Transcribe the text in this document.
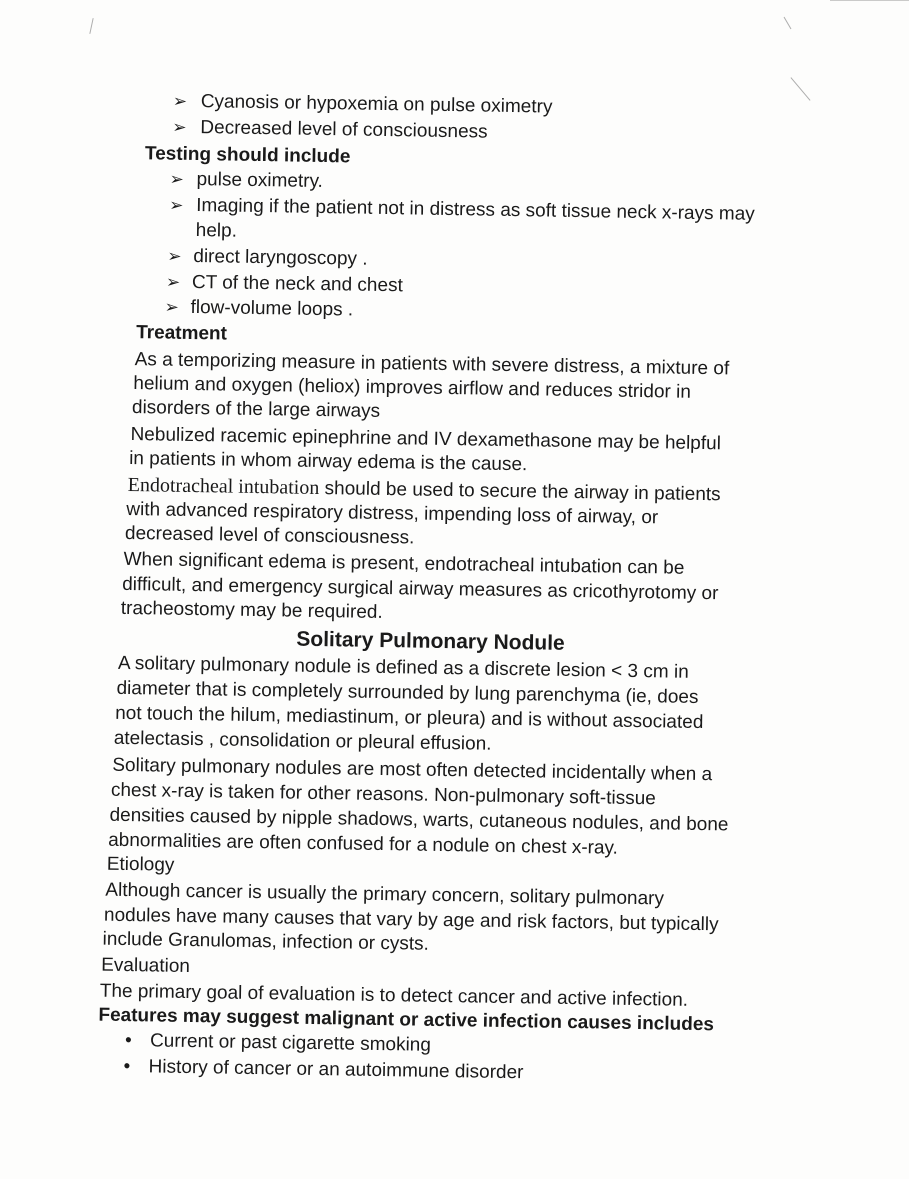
➢ Cyanosis or hypoxemia on pulse oximetry
➢ Decreased level of consciousness
Testing should include
➢ pulse oximetry.
➢ Imaging if the patient not in distress as soft tissue neck x-rays may
help.
➢ direct laryngoscopy .
➢ CT of the neck and chest
➢ flow-volume loops .
Treatment
As a temporizing measure in patients with severe distress, a mixture of
helium and oxygen (heliox) improves airflow and reduces stridor in
disorders of the large airways
Nebulized racemic epinephrine and IV dexamethasone may be helpful
in patients in whom airway edema is the cause.
Endotracheal intubation should be used to secure the airway in patients
with advanced respiratory distress, impending loss of airway, or
decreased level of consciousness.
When significant edema is present, endotracheal intubation can be
difficult, and emergency surgical airway measures as cricothyrotomy or
tracheostomy may be required.
Solitary Pulmonary Nodule
A solitary pulmonary nodule is defined as a discrete lesion < 3 cm in
diameter that is completely surrounded by lung parenchyma (ie, does
not touch the hilum, mediastinum, or pleura) and is without associated
atelectasis , consolidation or pleural effusion.
Solitary pulmonary nodules are most often detected incidentally when a
chest x-ray is taken for other reasons. Non-pulmonary soft-tissue
densities caused by nipple shadows, warts, cutaneous nodules, and bone
abnormalities are often confused for a nodule on chest x-ray.
Etiology
Although cancer is usually the primary concern, solitary pulmonary
nodules have many causes that vary by age and risk factors, but typically
include Granulomas, infection or cysts.
Evaluation
The primary goal of evaluation is to detect cancer and active infection.
Features may suggest malignant or active infection causes includes
• Current or past cigarette smoking
• History of cancer or an autoimmune disorder
